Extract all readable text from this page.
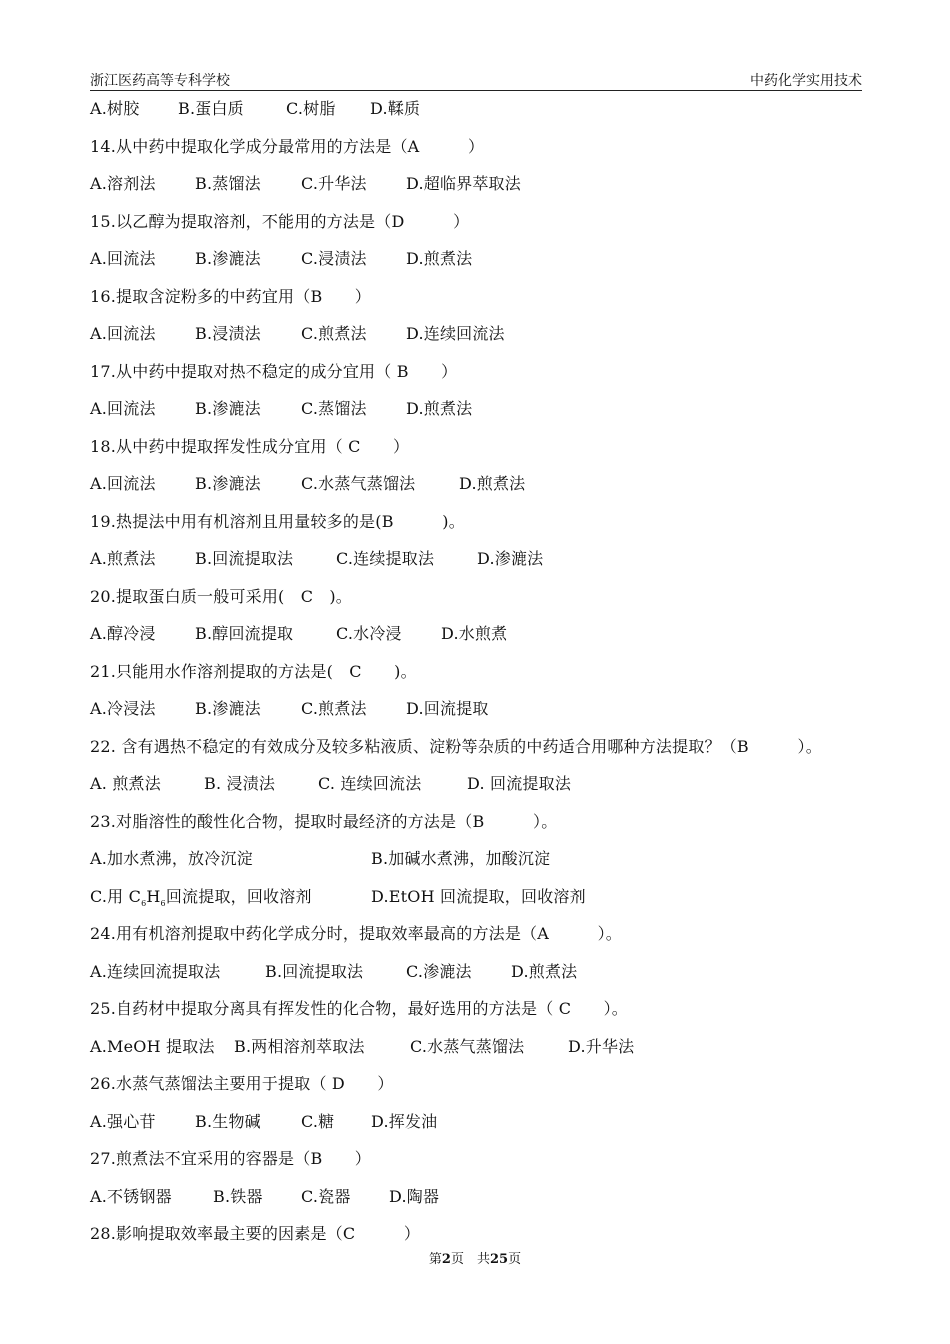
浙江医药高等专科学校	中药化学实用技术
A.树胶 B.蛋白质	C.树脂 D.鞣质
14.从中药中提取化学成分最常用的方法是（A　　　）
A.溶剂法 B.蒸馏法	C.升华法 D.超临界萃取法
15.以乙醇为提取溶剂，不能用的方法是（D　　　）
A.回流法 B.渗漉法	C.浸渍法 D.煎煮法
16.提取含淀粉多的中药宜用（B　　）
A.回流法 B.浸渍法	C.煎煮法 D.连续回流法
17.从中药中提取对热不稳定的成分宜用（ B　　）
A.回流法 B.渗漉法	C.蒸馏法 D.煎煮法
18.从中药中提取挥发性成分宜用（ C　　）
A.回流法 B.渗漉法	C.水蒸气蒸馏法	D.煎煮法
19.热提法中用有机溶剂且用量较多的是(B　　　)。
A.煎煮法 B.回流提取法	C.连续提取法	D.渗漉法
20.提取蛋白质一般可采用(　C　)。
A.醇冷浸 B.醇回流提取	C.水冷浸 D.水煎煮
21.只能用水作溶剂提取的方法是(　C　　)。
A.冷浸法 B.渗漉法	C.煎煮法 D.回流提取
22. 含有遇热不稳定的有效成分及较多粘液质、淀粉等杂质的中药适合用哪种方法提取？（B　　　）。
A. 煎煮法	B. 浸渍法	C. 连续回流法	D. 回流提取法
23.对脂溶性的酸性化合物，提取时最经济的方法是（B　　　）。
A.加水煮沸，放冷沉淀	B.加碱水煮沸，加酸沉淀
C.用 $C_6H_6$回流提取，回收溶剂	D.EtOH 回流提取，回收溶剂
24.用有机溶剂提取中药化学成分时，提取效率最高的方法是（A　　　）。
A.连续回流提取法	B.回流提取法	C.渗漉法 D.煎煮法
25.自药材中提取分离具有挥发性的化合物，最好选用的方法是（ C　　）。
A.MeOH 提取法 B.两相溶剂萃取法	C.水蒸气蒸馏法	D.升华法
26.水蒸气蒸馏法主要用于提取（ D　　）
A.强心苷 B.生物碱	C.糖 D.挥发油
27.煎煮法不宜采用的容器是（B　　）
A.不锈钢器	B.铁器 C.瓷器 D.陶器
28.影响提取效率最主要的因素是（C　　　）
第2页　共25页
